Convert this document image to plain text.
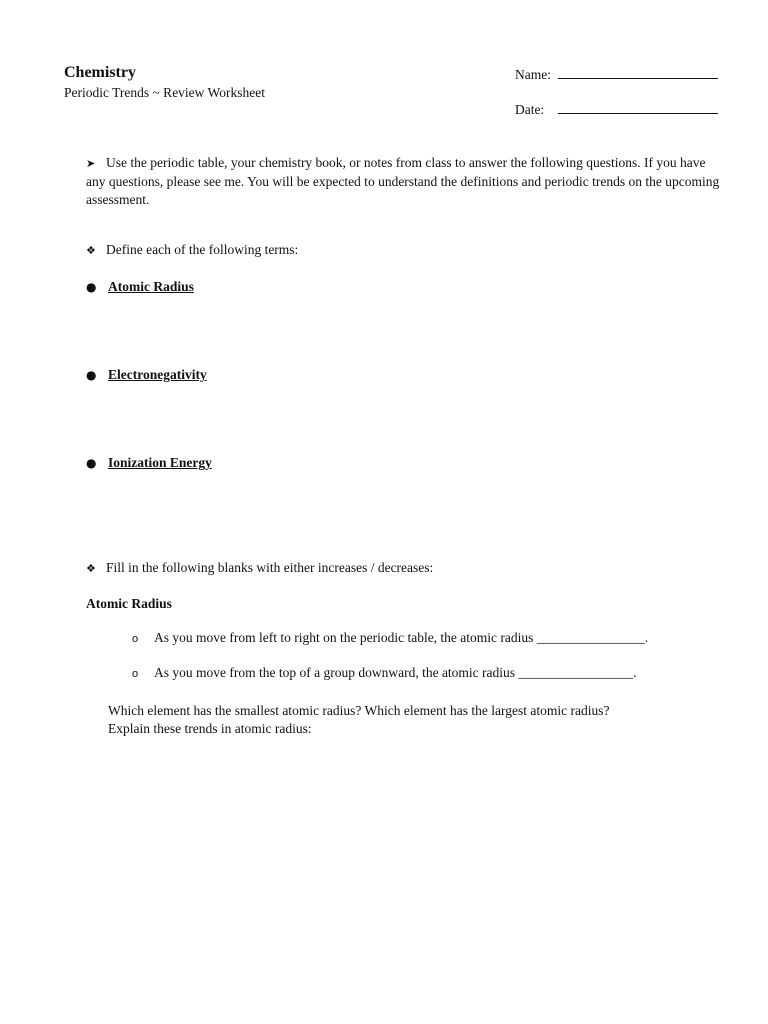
Chemistry
Periodic Trends ~ Review Worksheet
Name:
Date:
➤ Use the periodic table, your chemistry book, or notes from class to answer the following questions. If you have any questions, please see me. You will be expected to understand the definitions and periodic trends on the upcoming assessment.
❖ Define each of the following terms:
● Atomic Radius
● Electronegativity
● Ionization Energy
❖ Fill in the following blanks with either increases / decreases:
Atomic Radius
o As you move from left to right on the periodic table, the atomic radius ________________.
o As you move from the top of a group downward, the atomic radius _________________.
Which element has the smallest atomic radius? Which element has the largest atomic radius?
Explain these trends in atomic radius:
